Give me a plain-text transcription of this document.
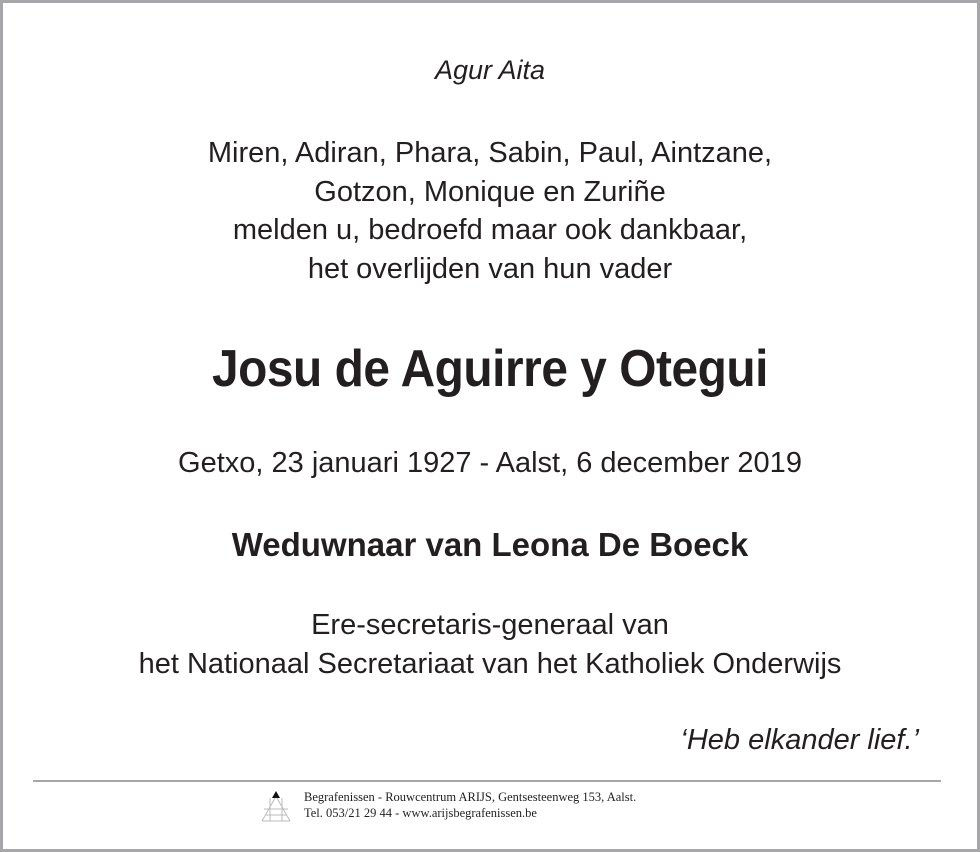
Agur Aita
Miren, Adiran, Phara, Sabin, Paul, Aintzane,
Gotzon, Monique en Zuriñe
melden u, bedroefd maar ook dankbaar,
het overlijden van hun vader
Josu de Aguirre y Otegui
Getxo, 23 januari 1927 - Aalst, 6 december 2019
Weduwnaar van Leona De Boeck
Ere-secretaris-generaal van
het Nationaal Secretariaat van het Katholiek Onderwijs
‘Heb elkander lief.’
Begrafenissen - Rouwcentrum ARIJS, Gentsesteenweg 153, Aalst.
Tel. 053/21 29 44 - www.arijsbegrafenissen.be
